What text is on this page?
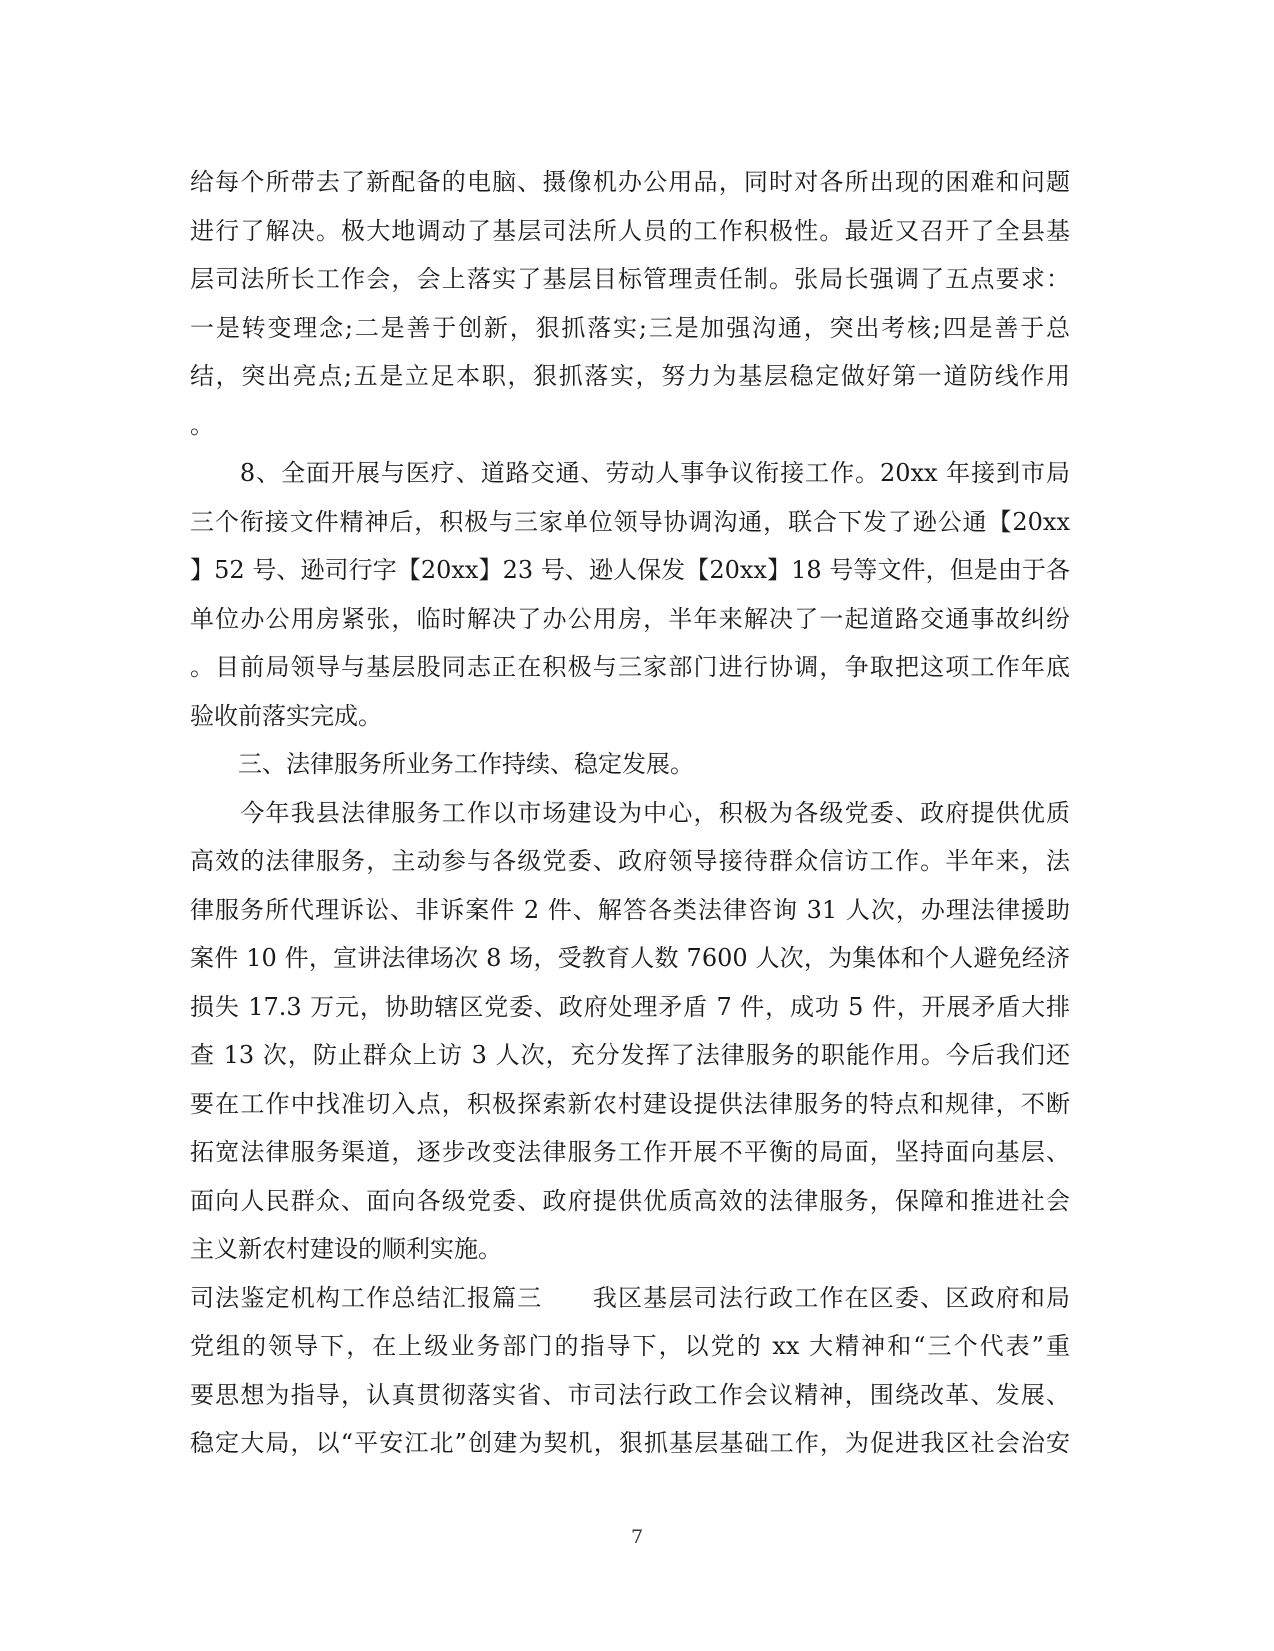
给每个所带去了新配备的电脑、摄像机办公用品，同时对各所出现的困难和问题
进行了解决。极大地调动了基层司法所人员的工作积极性。最近又召开了全县基
层司法所长工作会，会上落实了基层目标管理责任制。张局长强调了五点要求：
一是转变理念;二是善于创新，狠抓落实;三是加强沟通，突出考核;四是善于总
结，突出亮点;五是立足本职，狠抓落实，努力为基层稳定做好第一道防线作用
。
　　8、全面开展与医疗、道路交通、劳动人事争议衔接工作。20xx 年接到市局
三个衔接文件精神后，积极与三家单位领导协调沟通，联合下发了逊公通【20xx
】52 号、逊司行字【20xx】23 号、逊人保发【20xx】18 号等文件，但是由于各
单位办公用房紧张，临时解决了办公用房，半年来解决了一起道路交通事故纠纷
。目前局领导与基层股同志正在积极与三家部门进行协调，争取把这项工作年底
验收前落实完成。
　　三、法律服务所业务工作持续、稳定发展。
　　今年我县法律服务工作以市场建设为中心，积极为各级党委、政府提供优质
高效的法律服务，主动参与各级党委、政府领导接待群众信访工作。半年来，法
律服务所代理诉讼、非诉案件 2 件、解答各类法律咨询 31 人次，办理法律援助
案件 10 件，宣讲法律场次 8 场，受教育人数 7600 人次，为集体和个人避免经济
损失 17.3 万元，协助辖区党委、政府处理矛盾 7 件，成功 5 件，开展矛盾大排
查 13 次，防止群众上访 3 人次，充分发挥了法律服务的职能作用。今后我们还
要在工作中找准切入点，积极探索新农村建设提供法律服务的特点和规律，不断
拓宽法律服务渠道，逐步改变法律服务工作开展不平衡的局面，坚持面向基层、
面向人民群众、面向各级党委、政府提供优质高效的法律服务，保障和推进社会
主义新农村建设的顺利实施。
司法鉴定机构工作总结汇报篇三　　我区基层司法行政工作在区委、区政府和局
党组的领导下，在上级业务部门的指导下，以党的 xx 大精神和“三个代表”重
要思想为指导，认真贯彻落实省、市司法行政工作会议精神，围绕改革、发展、
稳定大局，以“平安江北”创建为契机，狠抓基层基础工作，为促进我区社会治安
7
